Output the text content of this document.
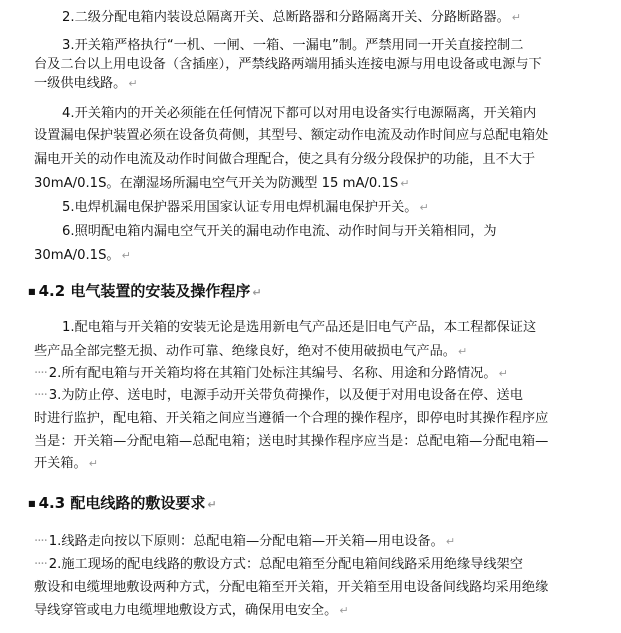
2.二级分配电箱内装设总隔离开关、总断路器和分路隔离开关、分路断路器。 ↵
3.开关箱严格执行“一机、一闸、一箱、一漏电”制。严禁用同一开关直接控制二
台及二台以上用电设备（含插座），严禁线路两端用插头连接电源与用电设备或电源与下
一级供电线路。 ↵
4.开关箱内的开关必须能在任何情况下都可以对用电设备实行电源隔离，开关箱内
设置漏电保护装置必须在设备负荷侧，其型号、额定动作电流及动作时间应与总配电箱处
漏电开关的动作电流及动作时间做合理配合，使之具有分级分段保护的功能，且不大于
30mA/0.1S。在潮湿场所漏电空气开关为防溅型 15 mA/0.1S ↵
5.电焊机漏电保护器采用国家认证专用电焊机漏电保护开关。 ↵
6.照明配电箱内漏电空气开关的漏电动作电流、动作时间与开关箱相同，为
30mA/0.1S。 ↵
■ 4.2 电气装置的安装及操作程序 ↵
1.配电箱与开关箱的安装无论是选用新电气产品还是旧电气产品，本工程都保证这
些产品全部完整无损、动作可靠、绝缘良好，绝对不使用破损电气产品。 ↵
···· 2.所有配电箱与开关箱均将在其箱门处标注其编号、名称、用途和分路情况。 ↵
···· 3.为防止停、送电时，电源手动开关带负荷操作，以及便于对用电设备在停、送电
时进行监护，配电箱、开关箱之间应当遵循一个合理的操作程序，即停电时其操作程序应
当是：开关箱—分配电箱—总配电箱；送电时其操作程序应当是：总配电箱—分配电箱—
开关箱。 ↵
■ 4.3 配电线路的敷设要求 ↵
···· 1.线路走向按以下原则：总配电箱—分配电箱—开关箱—用电设备。 ↵
···· 2.施工现场的配电线路的敷设方式：总配电箱至分配电箱间线路采用绝缘导线架空
敷设和电缆埋地敷设两种方式，分配电箱至开关箱，开关箱至用电设备间线路均采用绝缘
导线穿管或电力电缆埋地敷设方式，确保用电安全。 ↵
